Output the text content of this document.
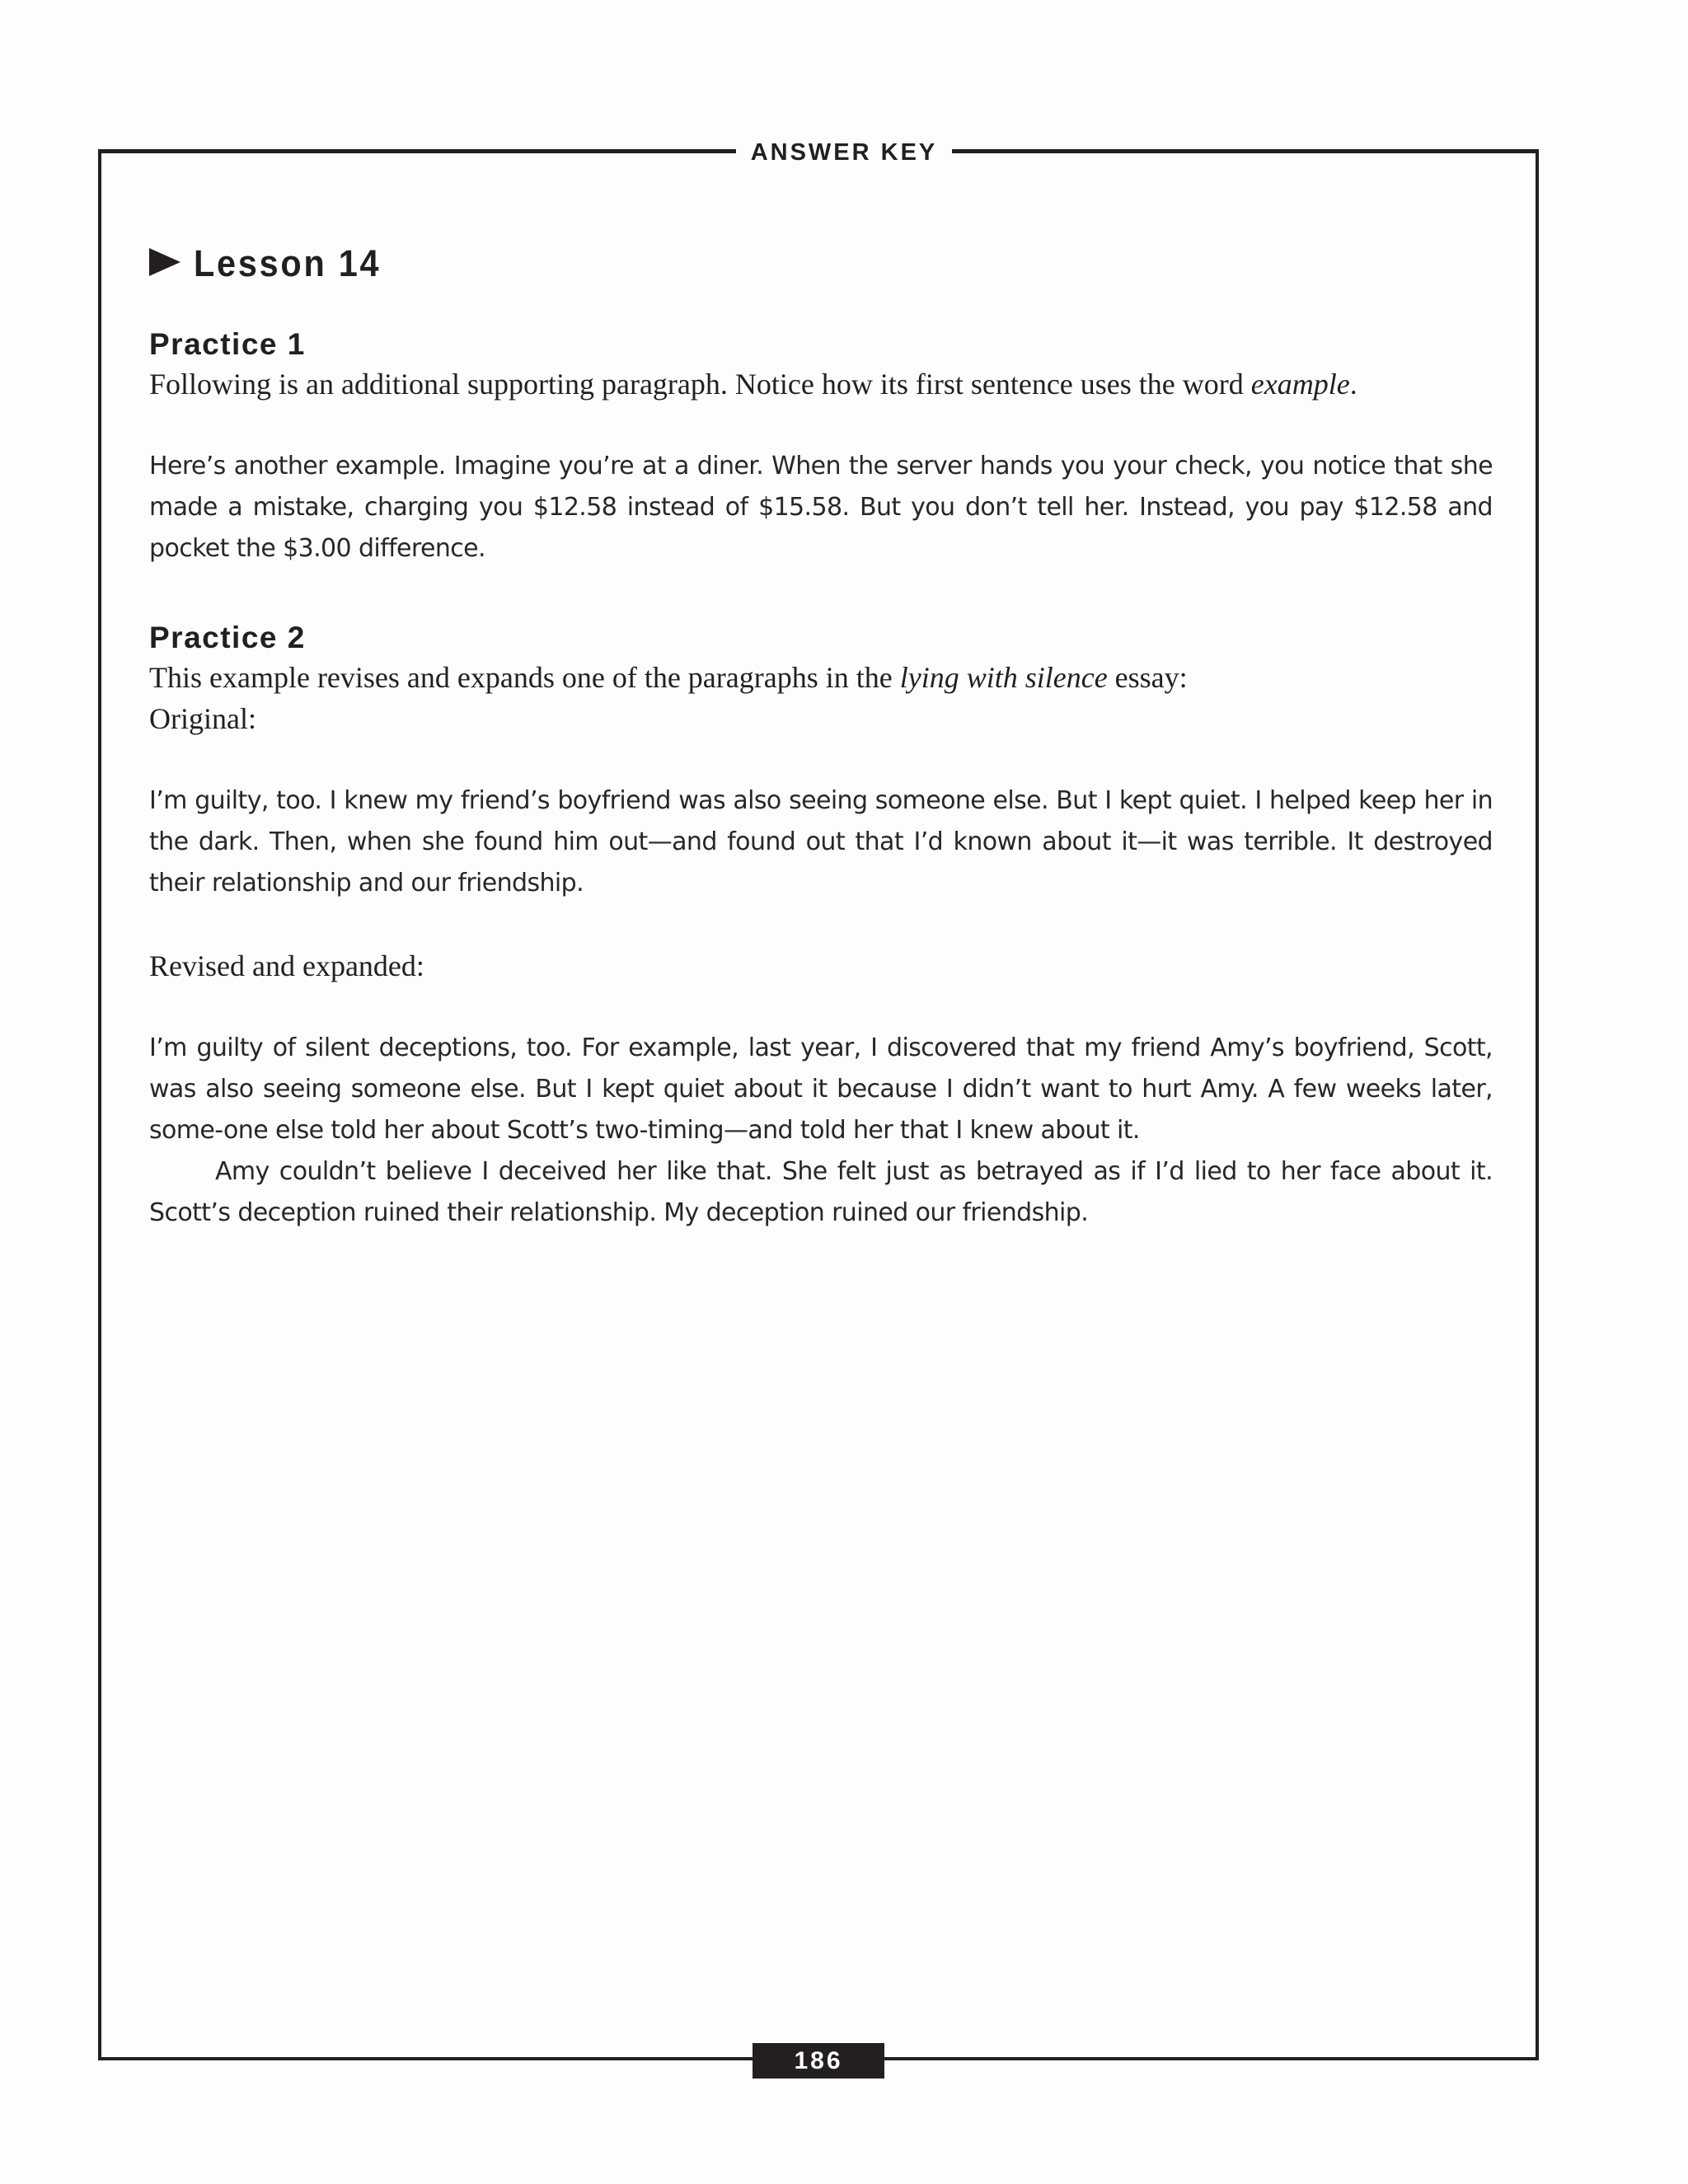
ANSWER KEY
Lesson 14
Practice 1

Following is an additional supporting paragraph. Notice how its first sentence uses the word example.

Here’s another example. Imagine you’re at a diner. When the server hands you your check, you notice that she made a mistake, charging you $12.58 instead of $15.58. But you don’t tell her. Instead, you pay $12.58 and pocket the $3.00 difference.

Practice 2

This example revises and expands one of the paragraphs in the lying with silence essay:

Original:

I’m guilty, too. I knew my friend’s boyfriend was also seeing someone else. But I kept quiet. I helped keep her in the dark. Then, when she found him out—and found out that I’d known about it—it was terrible. It destroyed their relationship and our friendship.

Revised and expanded:

I’m guilty of silent deceptions, too. For example, last year, I discovered that my friend Amy’s boyfriend, Scott, was also seeing someone else. But I kept quiet about it because I didn’t want to hurt Amy. A few weeks later, some-one else told her about Scott’s two-timing—and told her that I knew about it.

Amy couldn’t believe I deceived her like that. She felt just as betrayed as if I’d lied to her face about it. Scott’s deception ruined their relationship. My deception ruined our friendship.

186
